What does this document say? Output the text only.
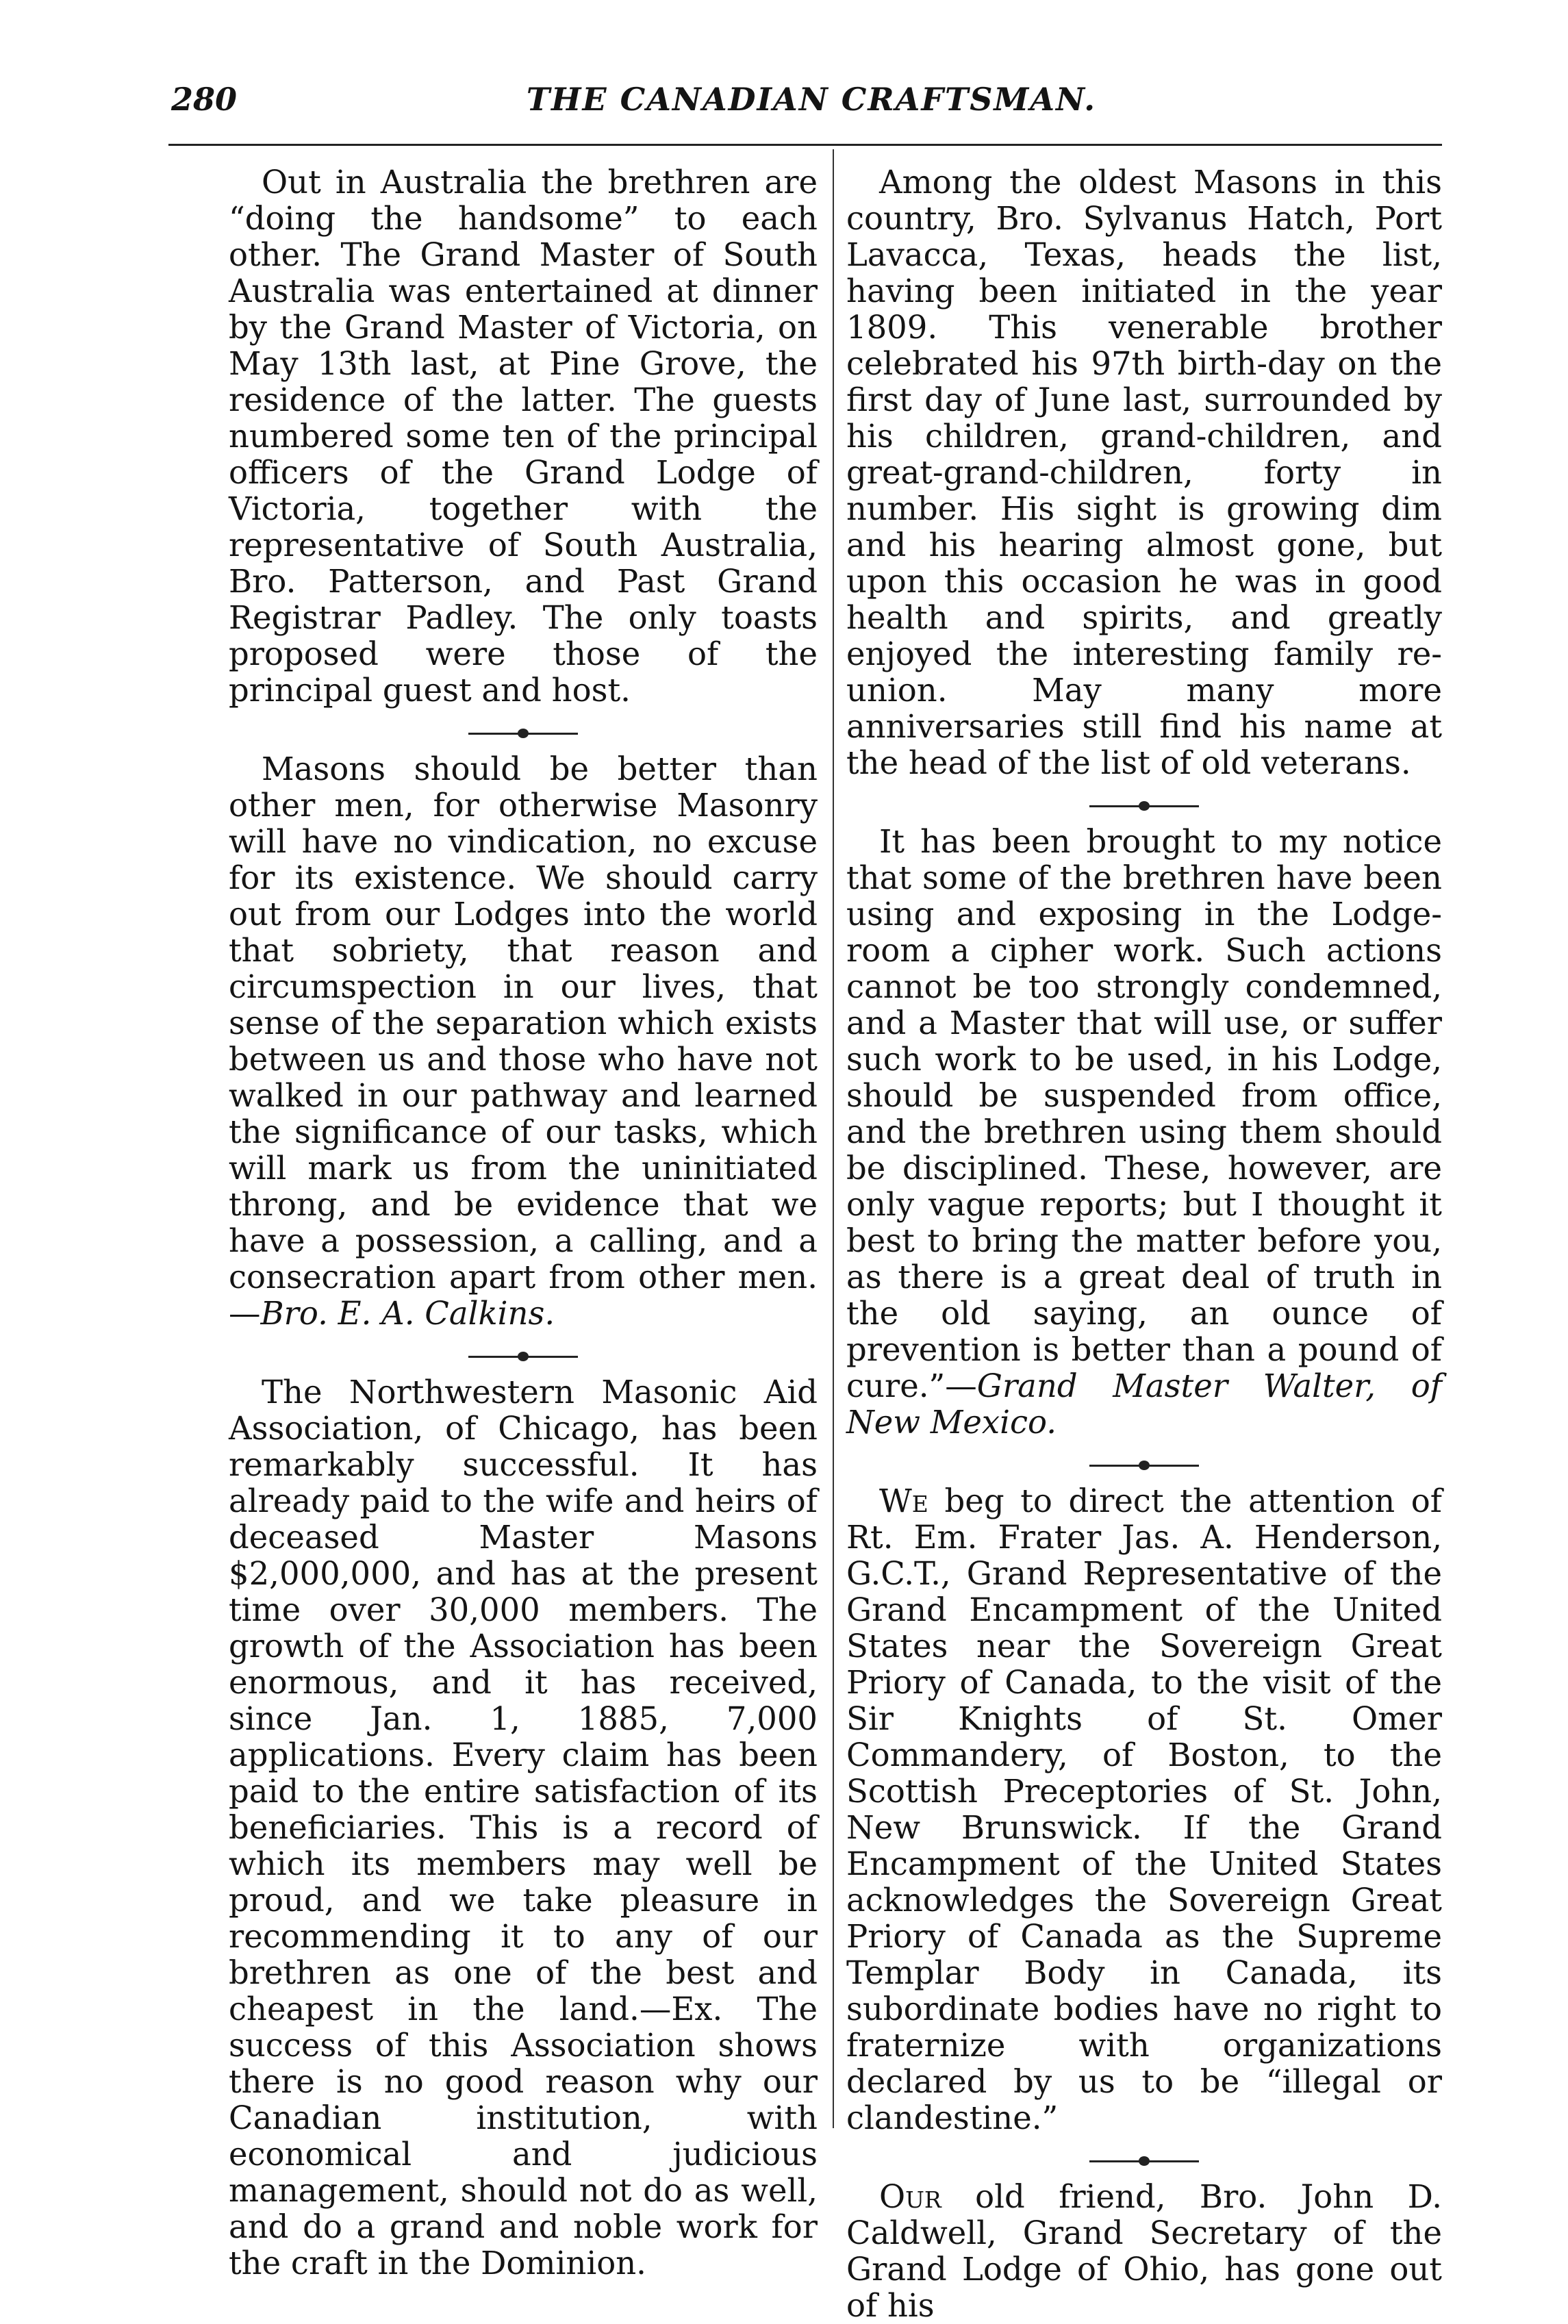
280	THE CANADIAN CRAFTSMAN.

Out in Australia the brethren are “doing the handsome” to each other. The Grand Master of South Australia was entertained at dinner by the Grand Master of Victoria, on May 13th last, at Pine Grove, the residence of the latter. The guests numbered some ten of the principal officers of the Grand Lodge of Victoria, together with the representative of South Australia, Bro. Patterson, and Past Grand Registrar Padley. The only toasts proposed were those of the principal guest and host.

Masons should be better than other men, for otherwise Masonry will have no vindication, no excuse for its existence. We should carry out from our Lodges into the world that sobriety, that reason and circumspection in our lives, that sense of the separation which exists between us and those who have not walked in our pathway and learned the significance of our tasks, which will mark us from the uninitiated throng, and be evidence that we have a possession, a calling, and a consecration apart from other men.—Bro. E. A. Calkins.

The Northwestern Masonic Aid Association, of Chicago, has been remarkably successful. It has already paid to the wife and heirs of deceased Master Masons $2,000,000, and has at the present time over 30,000 members. The growth of the Association has been enormous, and it has received, since Jan. 1, 1885, 7,000 applications. Every claim has been paid to the entire satisfaction of its beneficiaries. This is a record of which its members may well be proud, and we take pleasure in recommending it to any of our brethren as one of the best and cheapest in the land.—Ex. The success of this Association shows there is no good reason why our Canadian institution, with economical and judicious management, should not do as well, and do a grand and noble work for the craft in the Dominion.

Among the oldest Masons in this country, Bro. Sylvanus Hatch, Port Lavacca, Texas, heads the list, having been initiated in the year 1809. This venerable brother celebrated his 97th birth-day on the first day of June last, surrounded by his children, grand-children, and great-grand-children, forty in number. His sight is growing dim and his hearing almost gone, but upon this occasion he was in good health and spirits, and greatly enjoyed the interesting family re-union. May many more anniversaries still find his name at the head of the list of old veterans.

It has been brought to my notice that some of the brethren have been using and exposing in the Lodge-room a cipher work. Such actions cannot be too strongly condemned, and a Master that will use, or suffer such work to be used, in his Lodge, should be suspended from office, and the brethren using them should be disciplined. These, however, are only vague reports; but I thought it best to bring the matter before you, as there is a great deal of truth in the old saying, an ounce of prevention is better than a pound of cure.”—Grand Master Walter, of New Mexico.

We beg to direct the attention of Rt. Em. Frater Jas. A. Henderson, G.C.T., Grand Representative of the Grand Encampment of the United States near the Sovereign Great Priory of Canada, to the visit of the Sir Knights of St. Omer Commandery, of Boston, to the Scottish Preceptories of St. John, New Brunswick. If the Grand Encampment of the United States acknowledges the Sovereign Great Priory of Canada as the Supreme Templar Body in Canada, its subordinate bodies have no right to fraternize with organizations declared by us to be “illegal or clandestine.”

Our old friend, Bro. John D. Caldwell, Grand Secretary of the Grand Lodge of Ohio, has gone out of his
